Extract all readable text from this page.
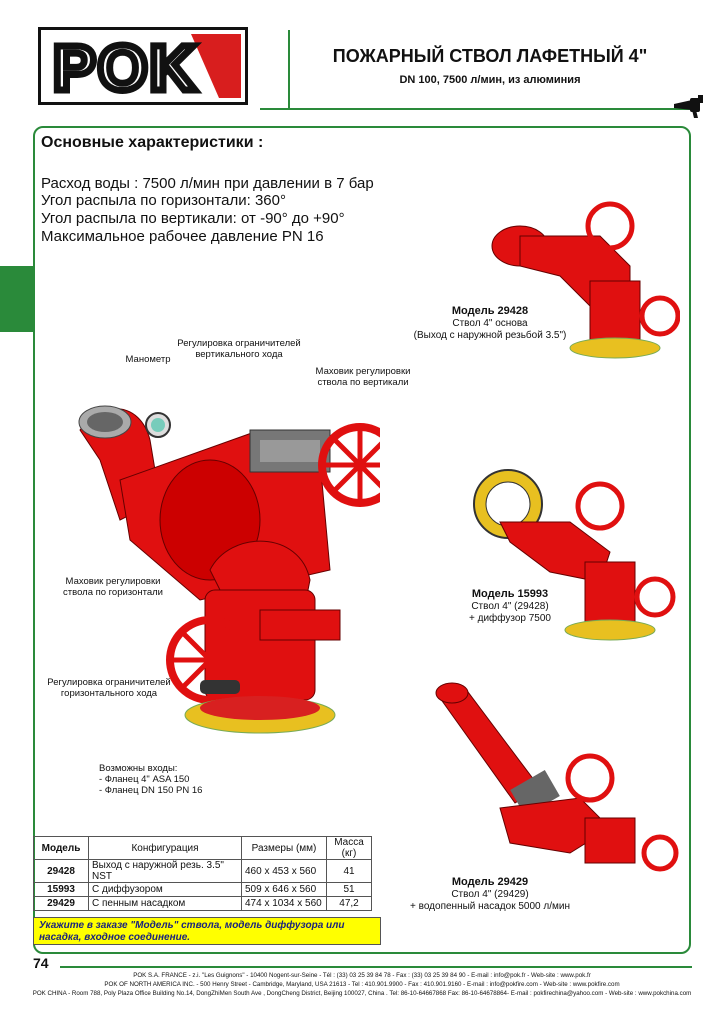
POK	ПОЖАРНЫЙ СТВОЛ ЛАФЕТНЫЙ 4"
DN 100, 7500 л/мин, из алюминия
Основные характеристики :
Расход воды : 7500 л/мин при давлении в 7 бар
Угол распыла по горизонтали: 360°
Угол распыла по вертикали: от -90° до +90°
Максимальное рабочее давление PN 16
Манометр
Регулировка ограничителей
вертикального хода
Маховик регулировки
ствола по вертикали
Маховик регулировки
ствола по горизонтали
Регулировка ограничителей
горизонтального хода
Возможны входы:
- Фланец 4" ASA 150
- Фланец DN 150 PN 16
Модель 29428
Ствол 4" основа
(Выход с наружной резьбой 3.5")
Модель 15993
Ствол 4" (29428)
+ диффузор 7500
Модель 29429
Ствол 4" (29429)
+ водопенный насадок 5000 л/мин
Модель	Конфигурация	Размеры (мм)	Масса (кг)
29428	Выход с наружной резь. 3.5" NST	460 x 453 x 560	41
15993	С диффузором	509 x 646 x 560	51
29429	С пенным насадком	474 x 1034 x 560	47,2
Укажите в заказе "Модель" ствола, модель диффузора или насадка, входное соединение.
74
POK S.A. FRANCE - z.i. "Les Guignons" - 10400 Nogent-sur-Seine - Tél : (33) 03 25 39 84 78 - Fax : (33) 03 25 39 84 90 - E-mail : info@pok.fr - Web-site : www.pok.fr
POK OF NORTH AMERICA INC. - 500 Henry Street - Cambridge, Maryland, USA 21613 - Tel : 410.901.9900 - Fax : 410.901.9160 - E-mail : info@pokfire.com - Web-site : www.pokfire.com
POK CHINA - Room 788, Poly Plaza Office Building No.14, DongZhiMen South Ave , DongCheng District, Beijing 100027, China . Tel: 86-10-64667868 Fax: 86-10-64678864- E-mail : pokfirechina@yahoo.com - Web-site : www.pokchina.com
